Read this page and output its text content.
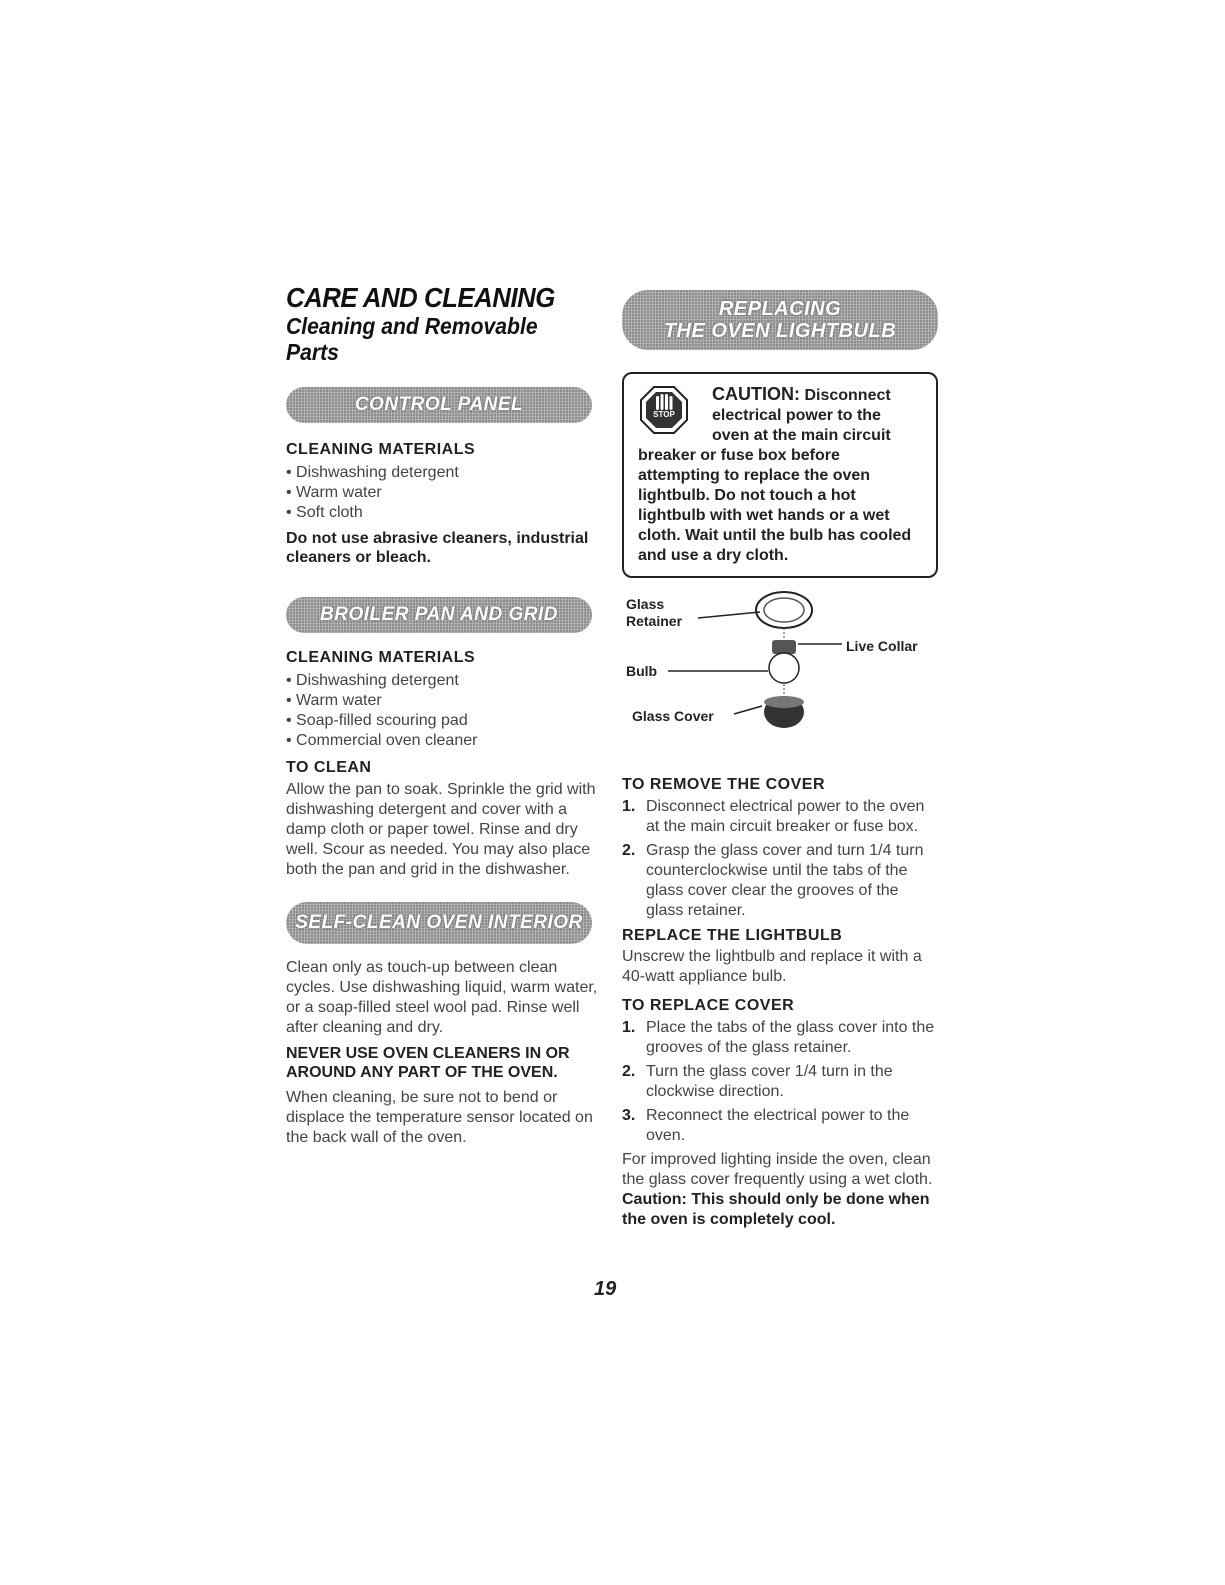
CARE AND CLEANING
Cleaning and Removable Parts
CONTROL PANEL
CLEANING MATERIALS
• Dishwashing detergent
• Warm water
• Soft cloth
Do not use abrasive cleaners, industrial cleaners or bleach.
BROILER PAN AND GRID
CLEANING MATERIALS
• Dishwashing detergent
• Warm water
• Soap-filled scouring pad
• Commercial oven cleaner
TO CLEAN
Allow the pan to soak. Sprinkle the grid with dishwashing detergent and cover with a damp cloth or paper towel. Rinse and dry well. Scour as needed. You may also place both the pan and grid in the dishwasher.
SELF-CLEAN OVEN INTERIOR
Clean only as touch-up between clean cycles. Use dishwashing liquid, warm water, or a soap-filled steel wool pad. Rinse well after cleaning and dry.
NEVER USE OVEN CLEANERS IN OR AROUND ANY PART OF THE OVEN.
When cleaning, be sure not to bend or displace the temperature sensor located on the back wall of the oven.
REPLACING
THE OVEN LIGHTBULB
STOP
CAUTION: Disconnect electrical power to the oven at the main circuit
breaker or fuse box before attempting to replace the oven lightbulb. Do not touch a hot lightbulb with wet hands or a wet cloth. Wait until the bulb has cooled and use a dry cloth.
Glass
Retainer
Live Collar
Bulb
Glass Cover
TO REMOVE THE COVER
1. Disconnect electrical power to the oven at the main circuit breaker or fuse box.
2. Grasp the glass cover and turn 1/4 turn counterclockwise until the tabs of the glass cover clear the grooves of the glass retainer.
REPLACE THE LIGHTBULB
Unscrew the lightbulb and replace it with a 40-watt appliance bulb.
TO REPLACE COVER
1. Place the tabs of the glass cover into the grooves of the glass retainer.
2. Turn the glass cover 1/4 turn in the clockwise direction.
3. Reconnect the electrical power to the oven.
For improved lighting inside the oven, clean the glass cover frequently using a wet cloth. Caution: This should only be done when the oven is completely cool.
19
